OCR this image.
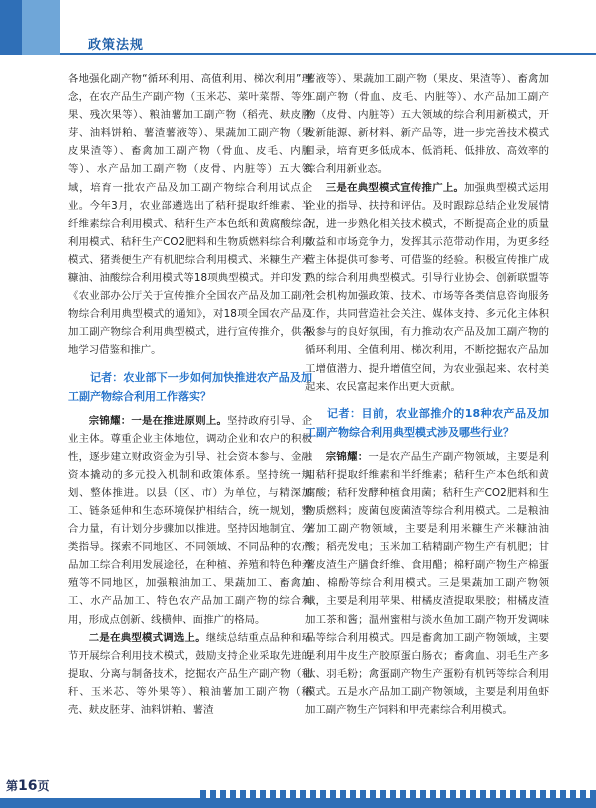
政策法规

各地强化副产物“循环利用、高值利用、梯次利用”理念，在农产品生产副产物（玉米芯、菜叶菜帮、等外果、残次果等）、粮油薯加工副产物（稻壳、麸皮胚芽、油料饼粕、薯渣薯液等）、果蔬加工副产物（果皮果渣等）、畜禽加工副产物（骨血、皮毛、内脏等）、水产品加工副产物（皮骨、内脏等）五大领域，培育一批农产品及加工副产物综合利用试点企业。今年3月，农业部遴选出了秸秆提取纤维素、半纤维素综合利用模式、秸秆生产本色纸和黄腐酸综合利用模式、秸秆生产CO2肥料和生物质燃料综合利用模式、猪粪便生产有机肥综合利用模式、米糠生产米糠油、油酸综合利用模式等18项典型模式。并印发了《农业部办公厅关于宣传推介全国农产品及加工副产物综合利用典型模式的通知》，对18项全国农产品及加工副产物综合利用典型模式，进行宣传推介，供各地学习借鉴和推广。

记者：农业部下一步如何加快推进农产品及加工副产物综合利用工作落实？

宗锦耀：一是在推进原则上。坚持政府引导、企业主体。尊重企业主体地位，调动企业和农户的积极性，逐步建立财政资金为引导、社会资本参与、金融资本撬动的多元投入机制和政策体系。坚持统一规划、整体推进。以县（区、市）为单位，与精深加工、链条延伸和生态环境保护相结合，统一规划，整合力量，有计划分步骤加以推进。坚持因地制宜、分类指导。探索不同地区、不同领域、不同品种的农产品加工综合利用发展途径，在种植、养殖和特色种养殖等不同地区，加强粮油加工、果蔬加工、畜禽加工、水产品加工、特色农产品加工副产物的综合利用，形成点创新、线横伸、面推广的格局。

二是在典型模式调选上。继续总结重点品种和环节开展综合利用技术模式，鼓励支持企业采取先进的提取、分离与制备技术，挖掘农产品生产副产物（秸秆、玉米芯、等外果等）、粮油薯加工副产物（稻壳、麸皮胚芽、油料饼粕、薯渣

薯液等）、果蔬加工副产物（果皮、果渣等）、畜禽加工副产物（骨血、皮毛、内脏等）、水产品加工副产物（皮骨、内脏等）五大领域的综合利用新模式，开发新能源、新材料、新产品等，进一步完善技术模式目录，培育更多低成本、低消耗、低排放、高效率的综合利用新业态。

三是在典型模式宣传推广上。加强典型模式运用企业的指导、扶持和评估。及时跟踪总结企业发展情况，进一步熟化相关技术模式，不断提高企业的质量效益和市场竞争力，发挥其示范带动作用，为更多经营主体提供可参考、可借鉴的经验。积极宣传推广成熟的综合利用典型模式。引导行业协会、创新联盟等社会机构加强政策、技术、市场等各类信息咨询服务工作，共同营造社会关注、媒体支持、多元化主体积极参与的良好氛围，有力推动农产品及加工副产物的循环利用、全值利用、梯次利用，不断挖掘农产品加工增值潜力、提升增值空间，为农业强起来、农村美起来、农民富起来作出更大贡献。

记者：目前，农业部推介的18种农产品及加工副产物综合利用典型模式涉及哪些行业？

宗锦耀：一是农产品生产副产物领域，主要是利用秸秆提取纤维素和半纤维素；秸秆生产本色纸和黄腐酸；秸秆发酵种植食用菌；秸秆生产CO2肥料和生物质燃料；废菌包废菌渣等综合利用模式。二是粮油薯加工副产物领域，主要是利用米糠生产米糠油油酸；稻壳发电；玉米加工秸精副产物生产有机肥；甘薯皮渣生产膳食纤维、食用醋；棉籽副产物生产棉蛋白、棉酚等综合利用模式。三是果蔬加工副产物领域，主要是利用苹果、柑橘皮渣提取果胶；柑橘皮渣加工茶和酱；温州蜜柑与淡水鱼加工副产物开发调味品等综合利用模式。四是畜禽加工副产物领域，主要是利用牛皮生产胶原蛋白肠衣；畜禽血、羽毛生产多肽、羽毛粉；禽蛋副产物生产蛋粉有机钙等综合利用模式。五是水产品加工副产物领域，主要是利用鱼虾加工副产物生产饲料和甲壳素综合利用模式。

第16页
